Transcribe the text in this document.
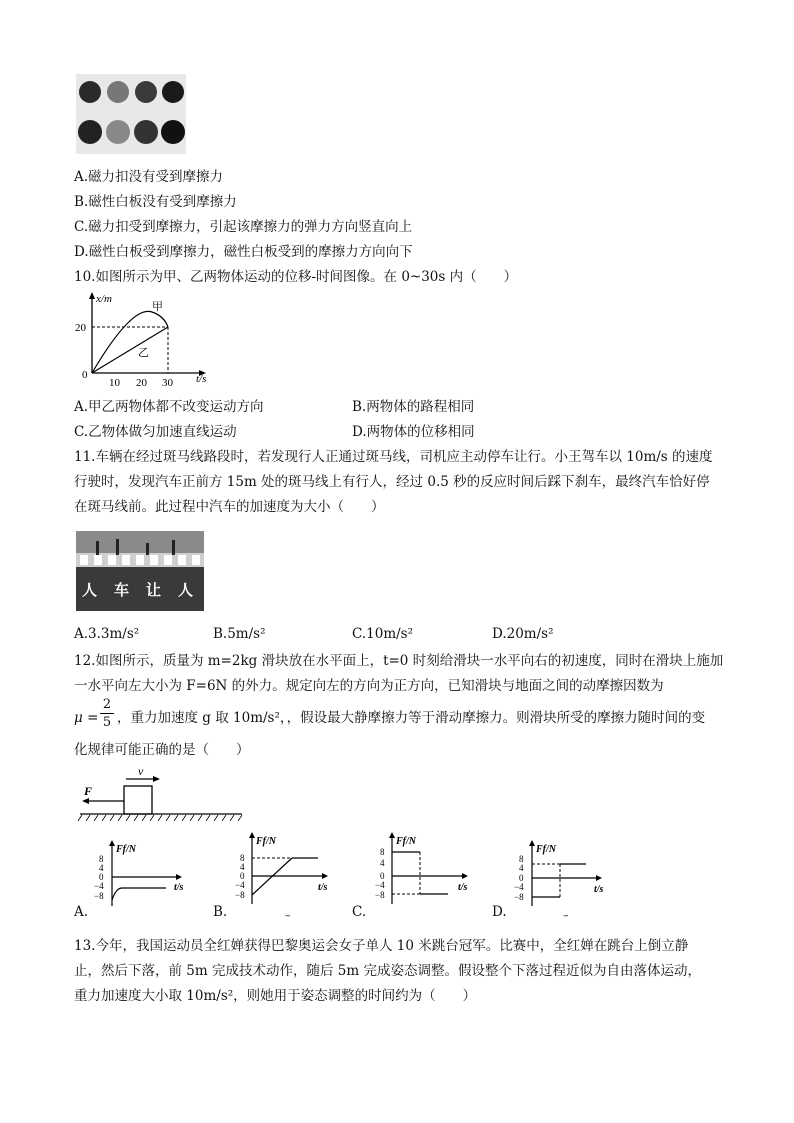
A.磁力扣没有受到摩擦力
B.磁性白板没有受到摩擦力
C.磁力扣受到摩擦力，引起该摩擦力的弹力方向竖直向上
D.磁性白板受到摩擦力，磁性白板受到的摩擦力方向向下
10.如图所示为甲、乙两物体运动的位移-时间图像。在 0~30s 内（　　）
x/m
20
0
10 20 30 t/s
甲
乙
A.甲乙两物体都不改变运动方向	B.两物体的路程相同
C.乙物体做匀加速直线运动	D.两物体的位移相同
11.车辆在经过斑马线路段时，若发现行人正通过斑马线，司机应主动停车让行。小王驾车以 10m/s 的速度
行驶时，发现汽车正前方 15m 处的斑马线上有行人，经过 0.5 秒的反应时间后踩下刹车，最终汽车恰好停
在斑马线前。此过程中汽车的加速度为大小（　　）
人　车　让　人
A.3.3m/s²	B.5m/s²	C.10m/s²	D.20m/s²
12.如图所示，质量为 m=2kg 滑块放在水平面上，t=0 时刻给滑块一水平向右的初速度，同时在滑块上施加
一水平向左大小为 F=6N 的外力。规定向左的方向为正方向，已知滑块与地面之间的动摩擦因数为
μ =
2
5 ，重力加速度 g 取 10m/s²，，假设最大静摩擦力等于滑动摩擦力。则滑块所受的摩擦力随时间的变
化规律可能正确的是（　　）
F
v
Ff/N
8
4
0
−4
−8
t/s
A.
Ff/N
8
4
0
−4
−8
t/s
B.	–
Ff/N
8
4
0
−4
−8
t/s
C.
Ff/N
8
4
0
−4
−8
t/s
D.	–
13.今年，我国运动员全红婵获得巴黎奥运会女子单人 10 米跳台冠军。比赛中，全红婵在跳台上倒立静
止，然后下落，前 5m 完成技术动作，随后 5m 完成姿态调整。假设整个下落过程近似为自由落体运动，
重力加速度大小取 10m/s²，则她用于姿态调整的时间约为（　　）
